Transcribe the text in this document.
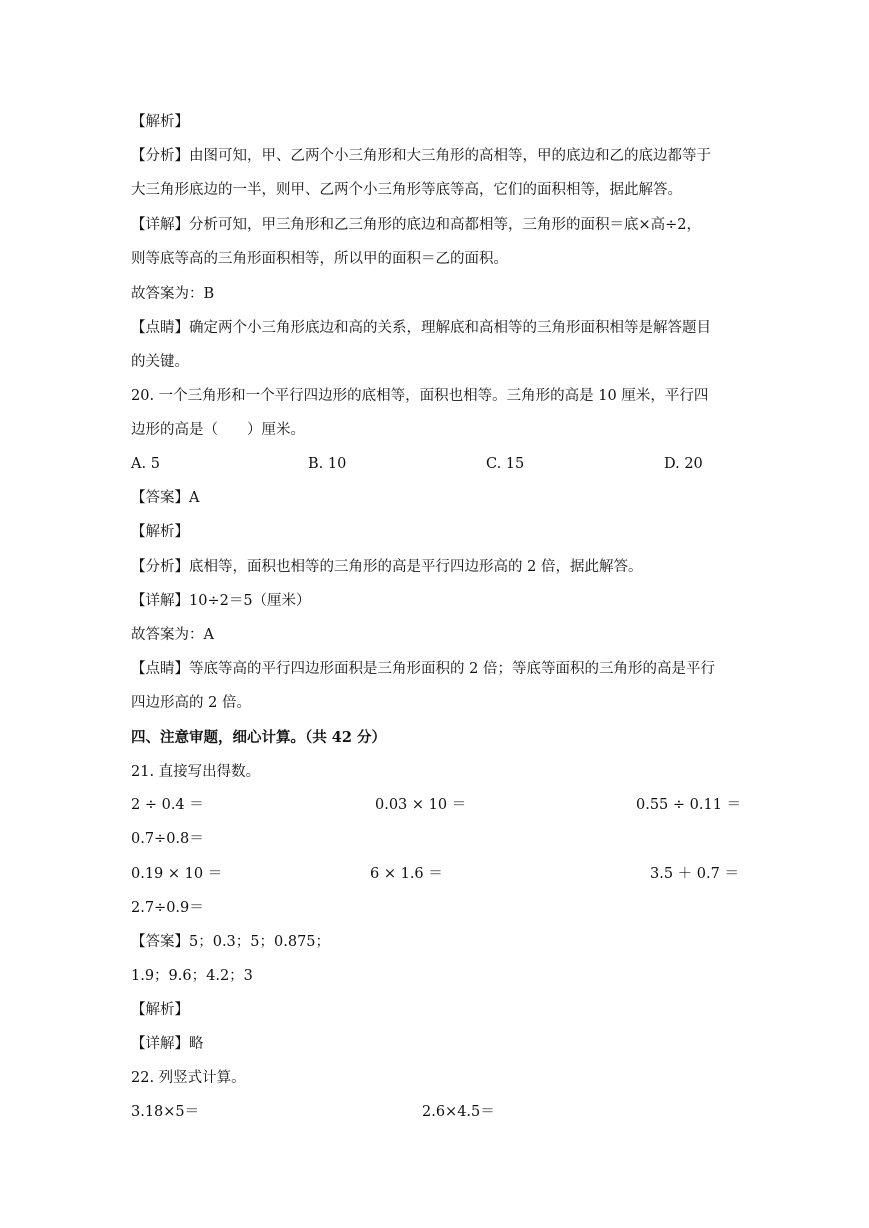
【解析】
【分析】由图可知，甲、乙两个小三角形和大三角形的高相等，甲的底边和乙的底边都等于
大三角形底边的一半，则甲、乙两个小三角形等底等高，它们的面积相等，据此解答。
【详解】分析可知，甲三角形和乙三角形的底边和高都相等，三角形的面积＝底×高÷2，
则等底等高的三角形面积相等，所以甲的面积＝乙的面积。
故答案为：B
【点睛】确定两个小三角形底边和高的关系，理解底和高相等的三角形面积相等是解答题目
的关键。
20. 一个三角形和一个平行四边形的底相等，面积也相等。三角形的高是 10 厘米，平行四
边形的高是（　　）厘米。
A. 5	B. 10	C. 15	D. 20
【答案】A
【解析】
【分析】底相等，面积也相等的三角形的高是平行四边形高的 2 倍，据此解答。
【详解】10÷2＝5（厘米）
故答案为：A
【点睛】等底等高的平行四边形面积是三角形面积的 2 倍；等底等面积的三角形的高是平行
四边形高的 2 倍。
四、注意审题，细心计算。（共 42 分）
21. 直接写出得数。
2 ÷ 0.4 ＝	0.03 × 10 ＝	0.55 ÷ 0.11 ＝
0.7÷0.8＝
0.19 × 10 ＝	6 × 1.6 ＝	3.5 ＋ 0.7 ＝
2.7÷0.9＝
【答案】5；0.3；5；0.875；
1.9；9.6；4.2；3
【解析】
【详解】略
22. 列竖式计算。
3.18×5＝	2.6×4.5＝
